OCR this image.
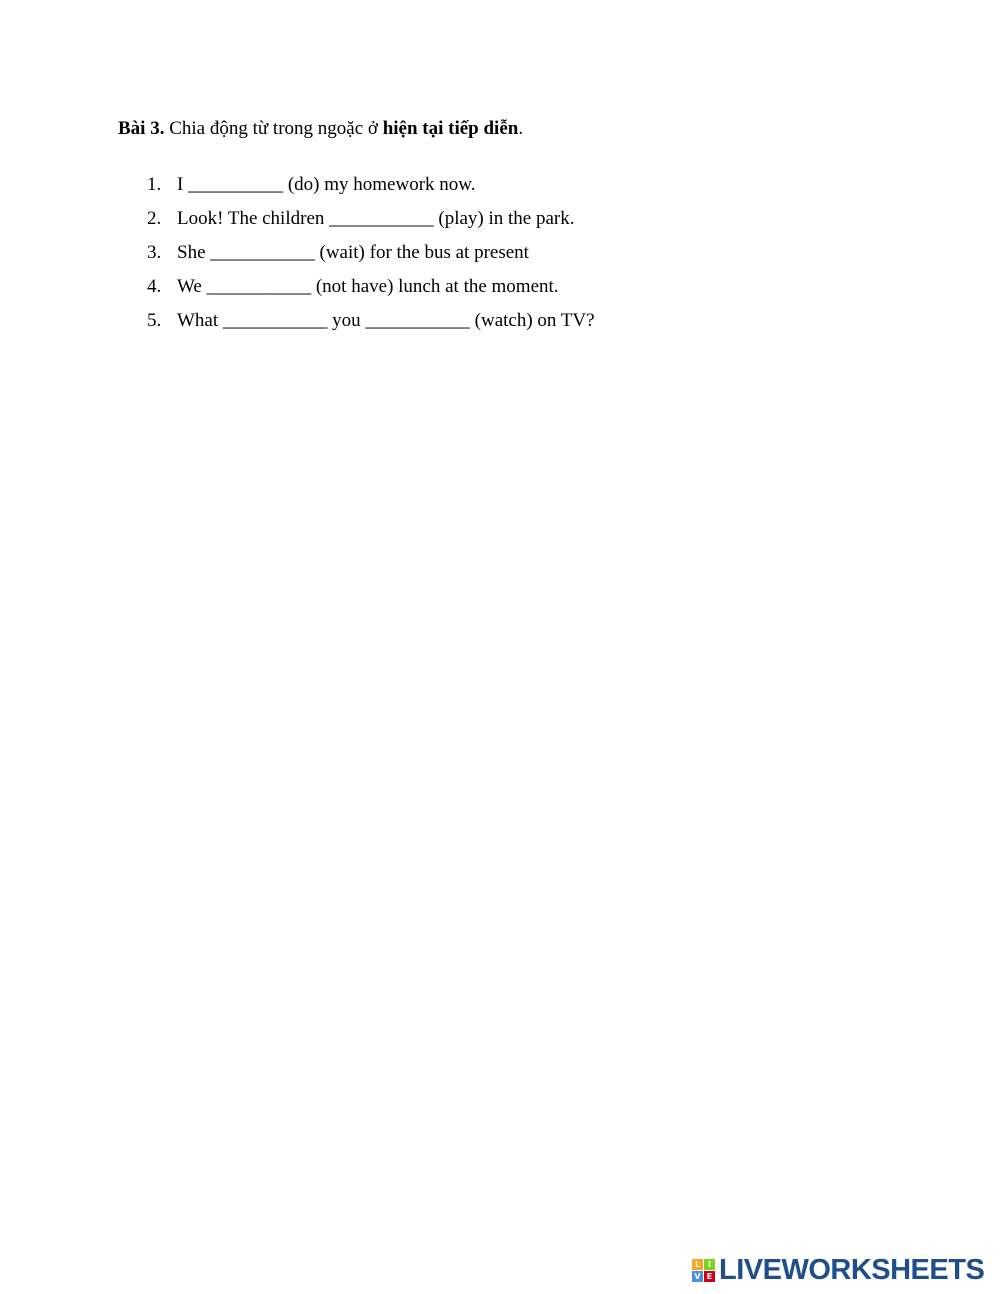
Bài 3. Chia động từ trong ngoặc ở hiện tại tiếp diễn.
1. I __________ (do) my homework now.
2. Look! The children ___________ (play) in the park.
3. She ___________ (wait) for the bus at present
4. We ___________ (not have) lunch at the moment.
5. What ___________ you ___________ (watch) on TV?
L I
V E LIVEWORKSHEETS
